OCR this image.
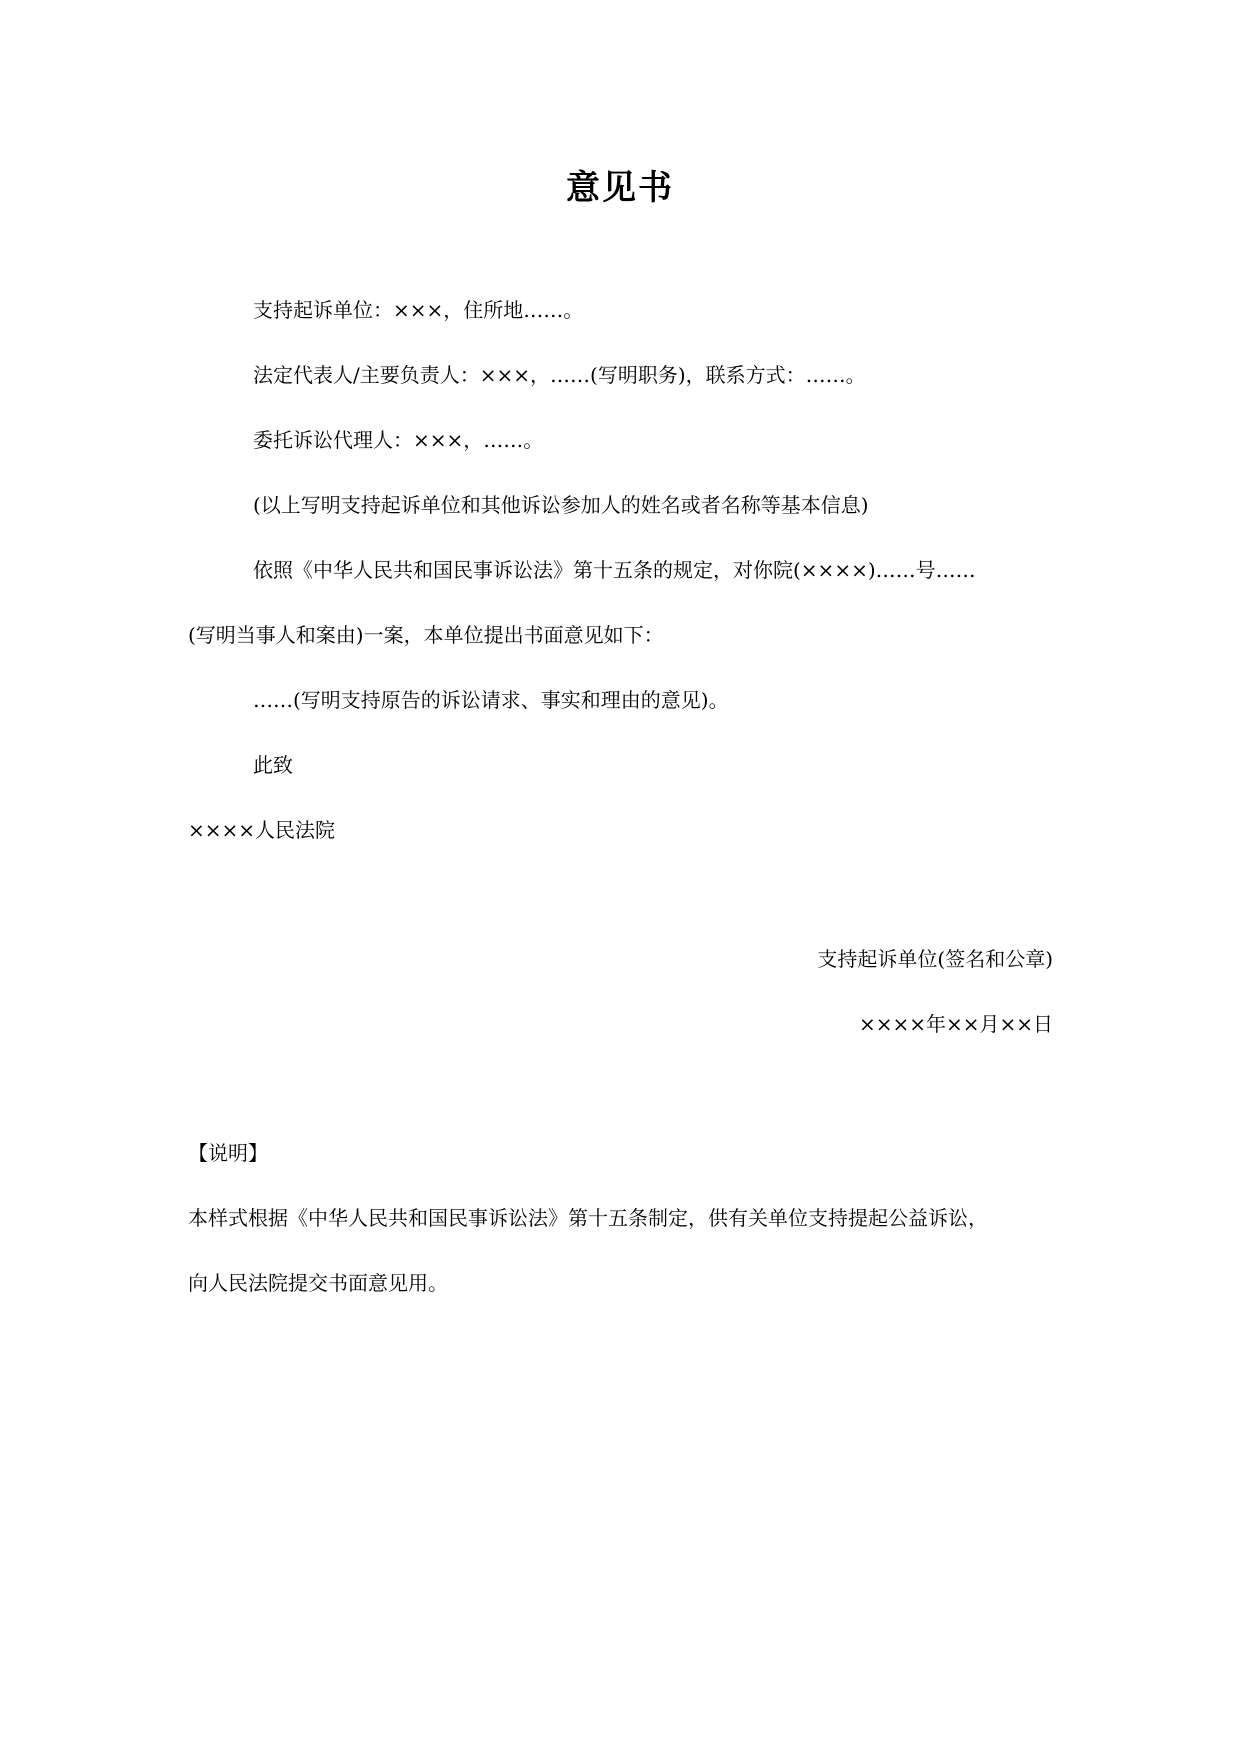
意见书
支持起诉单位：×××，住所地……。
法定代表人/主要负责人：×××，……(写明职务)，联系方式：……。
委托诉讼代理人：×××，……。
(以上写明支持起诉单位和其他诉讼参加人的姓名或者名称等基本信息)
依照《中华人民共和国民事诉讼法》第十五条的规定，对你院(××××)……号……
(写明当事人和案由)一案，本单位提出书面意见如下：
……(写明支持原告的诉讼请求、事实和理由的意见)。
此致
××××人民法院
支持起诉单位(签名和公章)
××××年××月××日
【说明】
本样式根据《中华人民共和国民事诉讼法》第十五条制定，供有关单位支持提起公益诉讼，
向人民法院提交书面意见用。
